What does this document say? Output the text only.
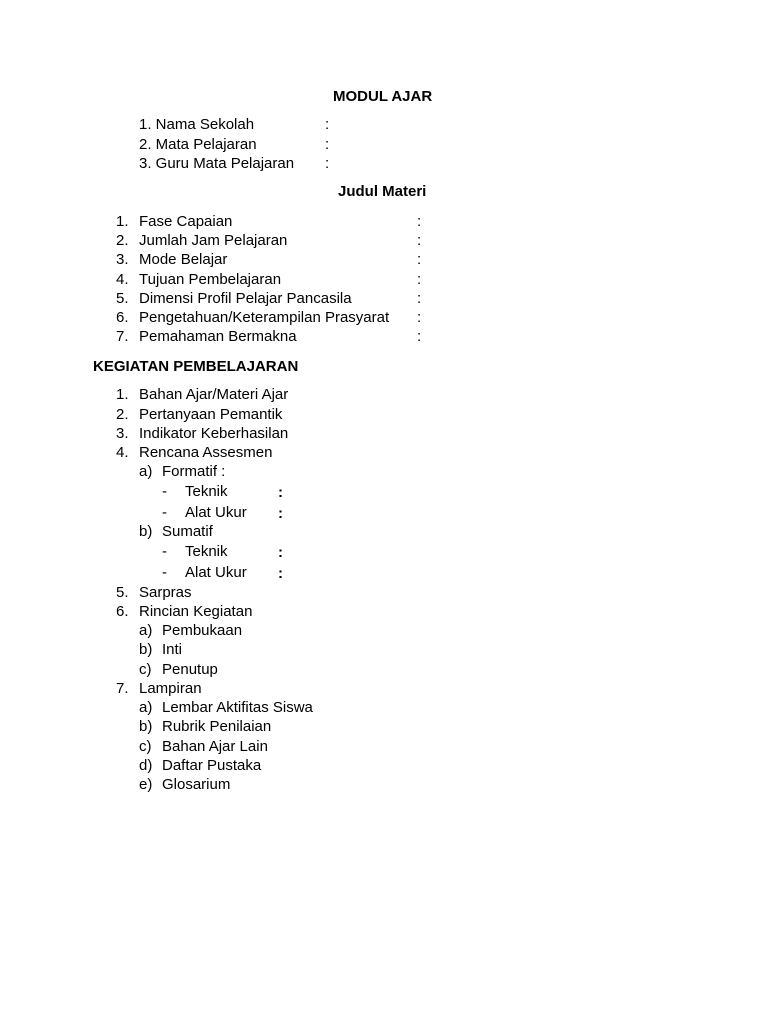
MODUL AJAR
1. Nama Sekolah	:
2. Mata Pelajaran	:
3. Guru Mata Pelajaran :
Judul Materi
1. Fase Capaian	:
2. Jumlah Jam Pelajaran	:
3. Mode Belajar	:
4. Tujuan Pembelajaran	:
5. Dimensi Profil Pelajar Pancasila	:
6. Pengetahuan/Keterampilan Prasyarat :
7. Pemahaman Bermakna	:
KEGIATAN PEMBELAJARAN
1. Bahan Ajar/Materi Ajar
2. Pertanyaan Pemantik
3. Indikator Keberhasilan
4. Rencana Assesmen
a) Formatif :
- Teknik	:
- Alat Ukur :
b) Sumatif
- Teknik	:
- Alat Ukur :
5. Sarpras
6. Rincian Kegiatan
a) Pembukaan
b) Inti
c) Penutup
7. Lampiran
a) Lembar Aktifitas Siswa
b) Rubrik Penilaian
c) Bahan Ajar Lain
d) Daftar Pustaka
e) Glosarium
